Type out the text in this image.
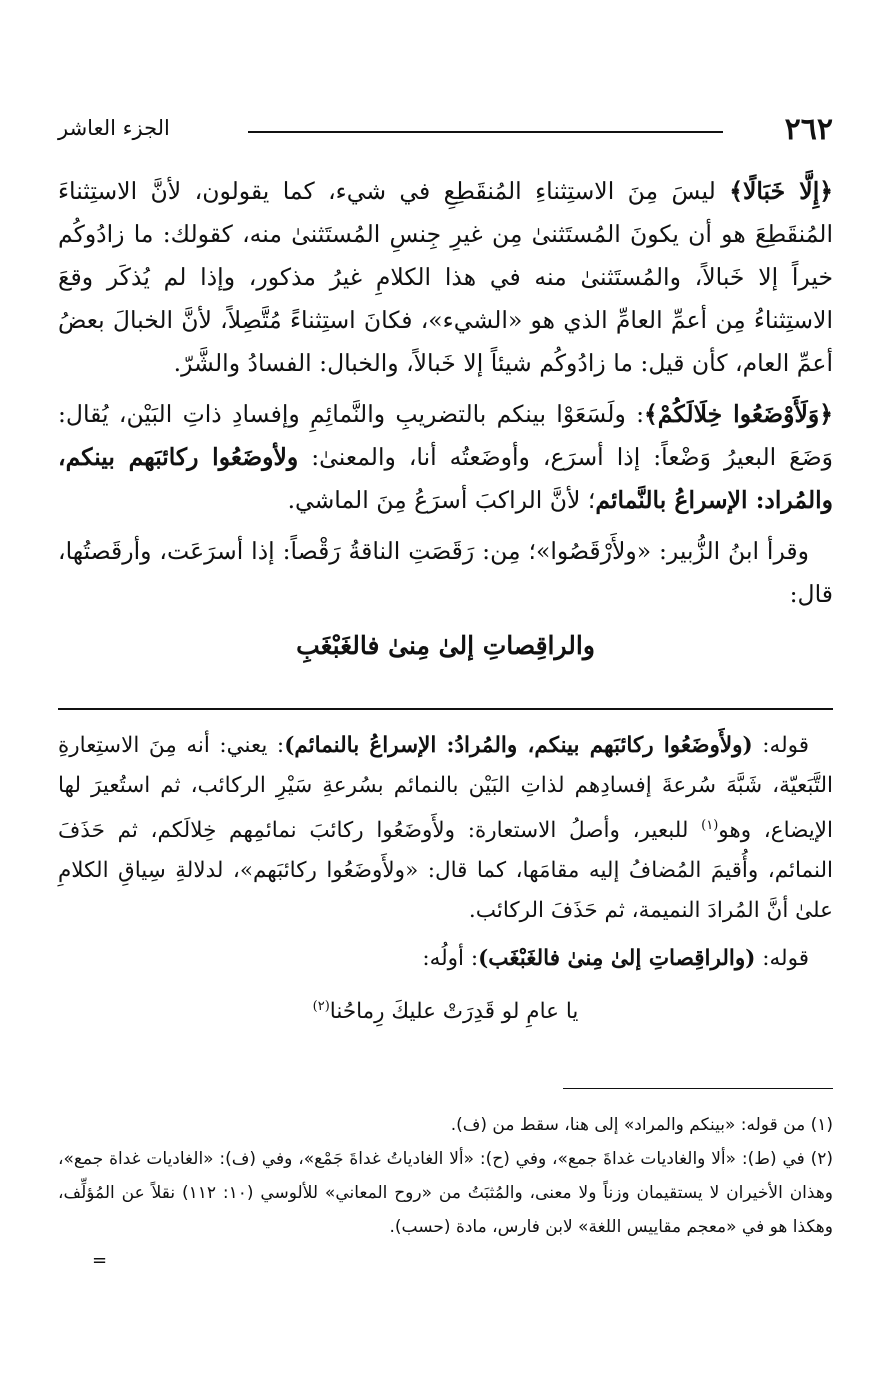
٢٦٢
الجزء العاشر

﴿إِلَّا خَبَالًا﴾ ليسَ مِنَ الاستِثناءِ المُنقَطِعِ في شيء، كما يقولون، لأنَّ الاستِثناءَ المُنقَطِعَ هو أن يكونَ المُستَثنىٰ مِن غيرِ جِنسِ المُستَثنىٰ منه، كقولك: ما زادُوكُم خيراً إلا خَبالاً، والمُستَثنىٰ منه في هذا الكلامِ غيرُ مذكور، وإذا لم يُذكَر وقعَ الاستِثناءُ مِن أعمِّ العامِّ الذي هو «الشيء»، فكانَ استِثناءً مُتَّصِلاً، لأنَّ الخبالَ بعضُ أعمِّ العام، كأن قيل: ما زادُوكُم شيئاً إلا خَبالاً، والخبال: الفسادُ والشَّرّ.

﴿وَلَأَوْضَعُوا خِلَالَكُمْ﴾: ولَسَعَوْا بينكم بالتضريبِ والنَّمائِمِ وإفسادِ ذاتِ البَيْن، يُقال: وَضَعَ البعيرُ وَضْعاً: إذا أسرَع، وأوضَعتُه أنا، والمعنىٰ: ولأوضَعُوا ركائبَهم بينكم، والمُراد: الإسراعُ بالنَّمائم؛ لأنَّ الراكبَ أسرَعُ مِنَ الماشي.

وقرأ ابنُ الزُّبير: «ولأَرْقَصُوا»؛ مِن: رَقَصَتِ الناقةُ رَقْصاً: إذا أسرَعَت، وأرقَصتُها، قال:

والراقِصاتِ إلىٰ مِنىٰ فالغَبْغَبِ

قوله: (ولأَوضَعُوا ركائبَهم بينكم، والمُرادُ: الإسراعُ بالنمائم): يعني: أنه مِنَ الاستِعارةِ التَّبَعيّة، شَبَّهَ سُرعةَ إفسادِهم لذاتِ البَيْن بالنمائم بسُرعةِ سَيْرِ الركائب، ثم استُعيرَ لها الإيضاع، وهو$^{(١)}$ للبعير، وأصلُ الاستعارة: ولأَوضَعُوا ركائبَ نمائمِهم خِلالَكم، ثم حَذَفَ النمائم، وأُقيمَ المُضافُ إليه مقامَها، كما قال: «ولأَوضَعُوا ركائبَهم»، لدلالةِ سِياقِ الكلامِ علىٰ أنَّ المُرادَ النميمة، ثم حَذَفَ الركائب.

قوله: (والراقِصاتِ إلىٰ مِنىٰ فالغَبْغَب): أولُه:

يا عامِ لو قَدِرَتْ عليكَ رِماحُنا$^{(٢)}$

(١) من قوله: «بينكم والمراد» إلى هنا، سقط من (ف).

(٢) في (ط): «ألا والغاديات غداةَ جمع»، وفي (ح): «ألا الغادياتُ غداةَ جَمْع»، وفي (ف): «الغاديات غداة جمع»، وهذان الأخيران لا يستقيمان وزناً ولا معنى، والمُثبَتُ من «روح المعاني» للألوسي (١٠: ١١٢) نقلاً عن المُؤلِّف، وهكذا هو في «معجم مقاييس اللغة» لابن فارس، مادة (حسب).

=
